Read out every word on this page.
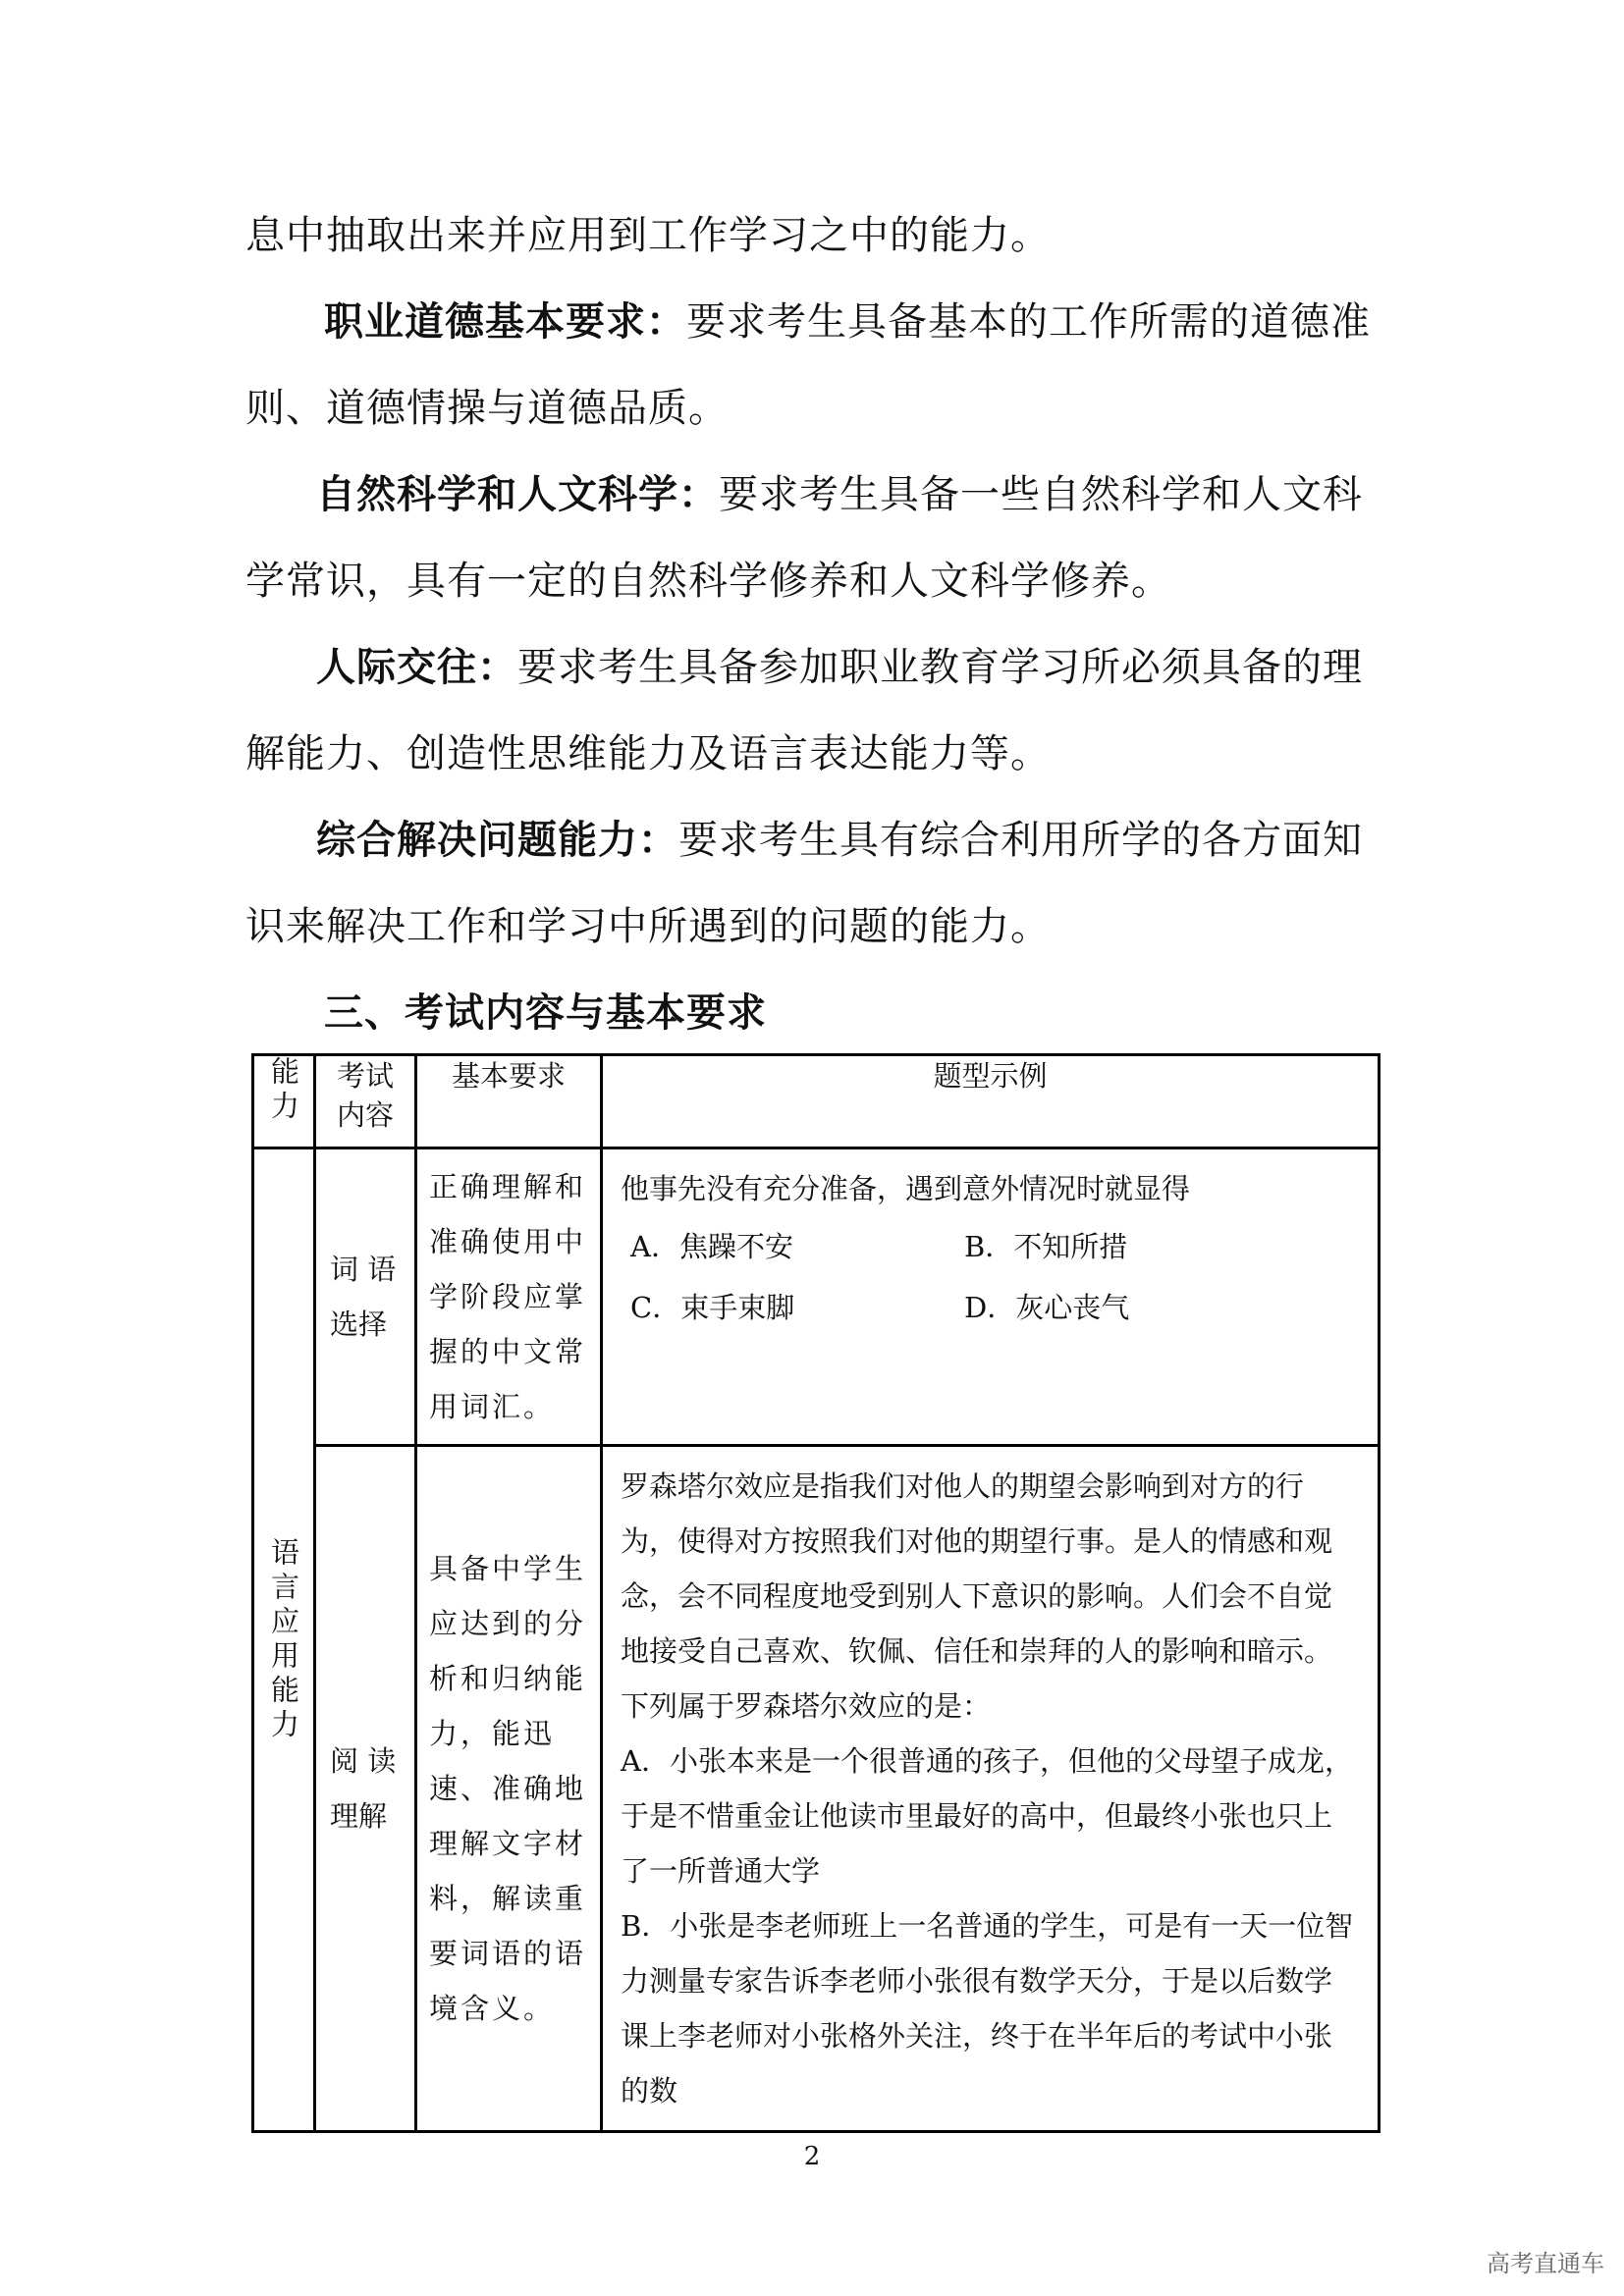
息中抽取出来并应用到工作学习之中的能力。

职业道德基本要求：要求考生具备基本的工作所需的道德准则、道德情操与道德品质。

自然科学和人文科学：要求考生具备一些自然科学和人文科学常识，具有一定的自然科学修养和人文科学修养。

人际交往：要求考生具备参加职业教育学习所必须具备的理解能力、创造性思维能力及语言表达能力等。

综合解决问题能力：要求考生具有综合利用所学的各方面知识来解决工作和学习中所遇到的问题的能力。

三、考试内容与基本要求
能力	考试内容	基本要求	题型示例

语言应用能力	词 语选择	正确理解和准确使用中学阶段应掌握的中文常用词汇。	他事先没有充分准备，遇到意外情况时就显得
A．焦躁不安 B．不知所措
C．束手束脚 D．灰心丧气

	阅 读理解	具备中学生应达到的分析和归纳能力，能迅速、准确地理解文字材料，解读重要词语的语境含义。	罗森塔尔效应是指我们对他人的期望会影响到对方的行为，使得对方按照我们对他的期望行事。是人的情感和观念，会不同程度地受到别人下意识的影响。人们会不自觉地接受自己喜欢、钦佩、信任和崇拜的人的影响和暗示。
下列属于罗森塔尔效应的是：
A．小张本来是一个很普通的孩子，但他的父母望子成龙，于是不惜重金让他读市里最好的高中，但最终小张也只上了一所普通大学
B．小张是李老师班上一名普通的学生，可是有一天一位智力测量专家告诉李老师小张很有数学天分，于是以后数学课上李老师对小张格外关注，终于在半年后的考试中小张的数
2
高考直通车
